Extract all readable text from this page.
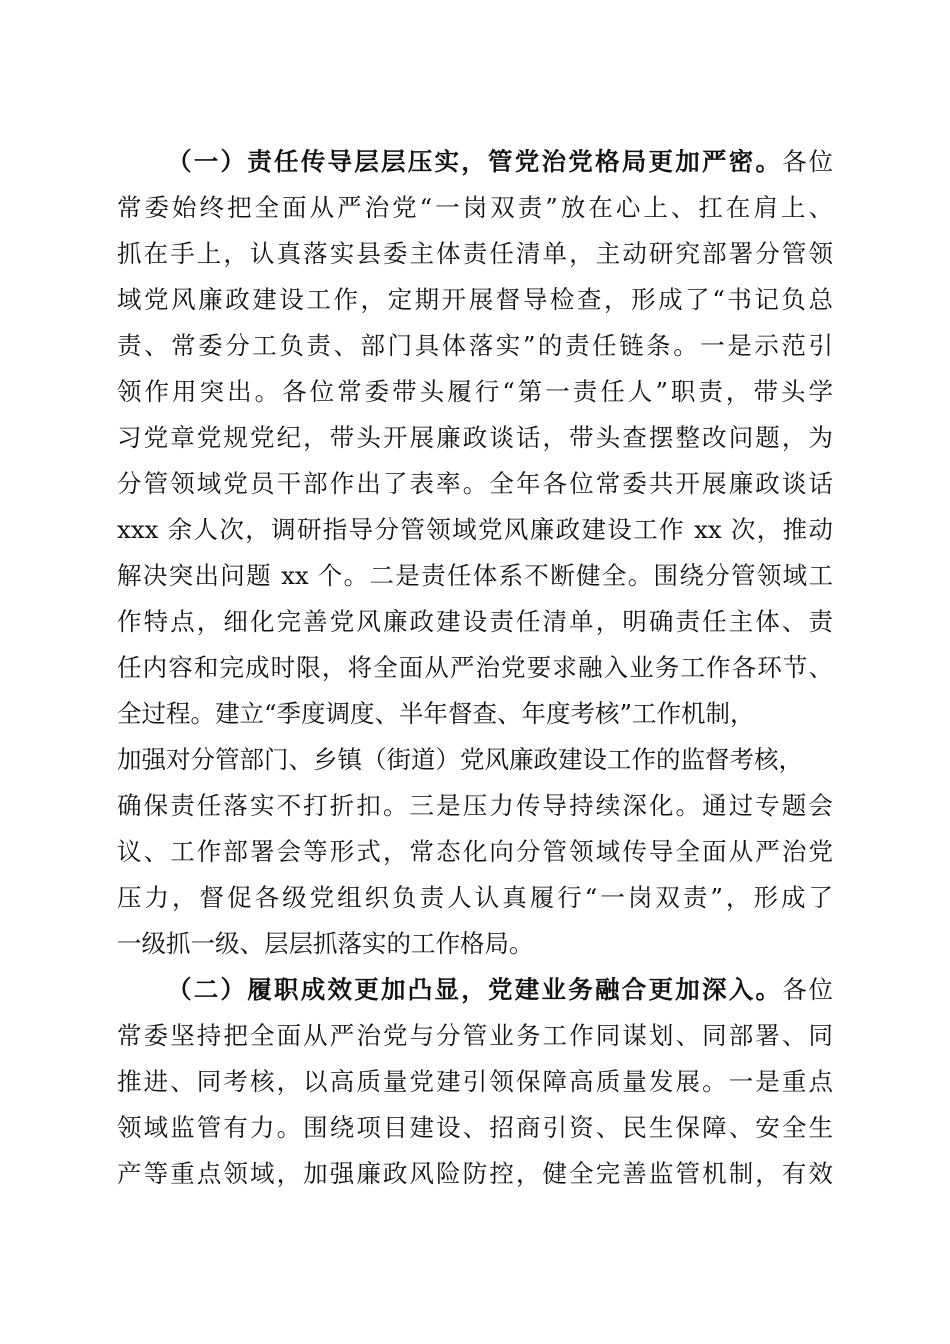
（一）责任传导层层压实，管党治党格局更加严密。各位
常委始终把全面从严治党“一岗双责”放在心上、扛在肩上、
抓在手上，认真落实县委主体责任清单，主动研究部署分管领
域党风廉政建设工作，定期开展督导检查，形成了“书记负总
责、常委分工负责、部门具体落实”的责任链条。一是示范引
领作用突出。各位常委带头履行“第一责任人”职责，带头学
习党章党规党纪，带头开展廉政谈话，带头查摆整改问题，为
分管领域党员干部作出了表率。全年各位常委共开展廉政谈话
xxx 余人次，调研指导分管领域党风廉政建设工作 xx 次，推动
解决突出问题 xx 个。二是责任体系不断健全。围绕分管领域工
作特点，细化完善党风廉政建设责任清单，明确责任主体、责
任内容和完成时限，将全面从严治党要求融入业务工作各环节、
全过程。建立“季度调度、半年督查、年度考核”工作机制，
加强对分管部门、乡镇（街道）党风廉政建设工作的监督考核，
确保责任落实不打折扣。三是压力传导持续深化。通过专题会
议、工作部署会等形式，常态化向分管领域传导全面从严治党
压力，督促各级党组织负责人认真履行“一岗双责”，形成了
一级抓一级、层层抓落实的工作格局。
（二）履职成效更加凸显，党建业务融合更加深入。各位
常委坚持把全面从严治党与分管业务工作同谋划、同部署、同
推进、同考核，以高质量党建引领保障高质量发展。一是重点
领域监管有力。围绕项目建设、招商引资、民生保障、安全生
产等重点领域，加强廉政风险防控，健全完善监管机制，有效
